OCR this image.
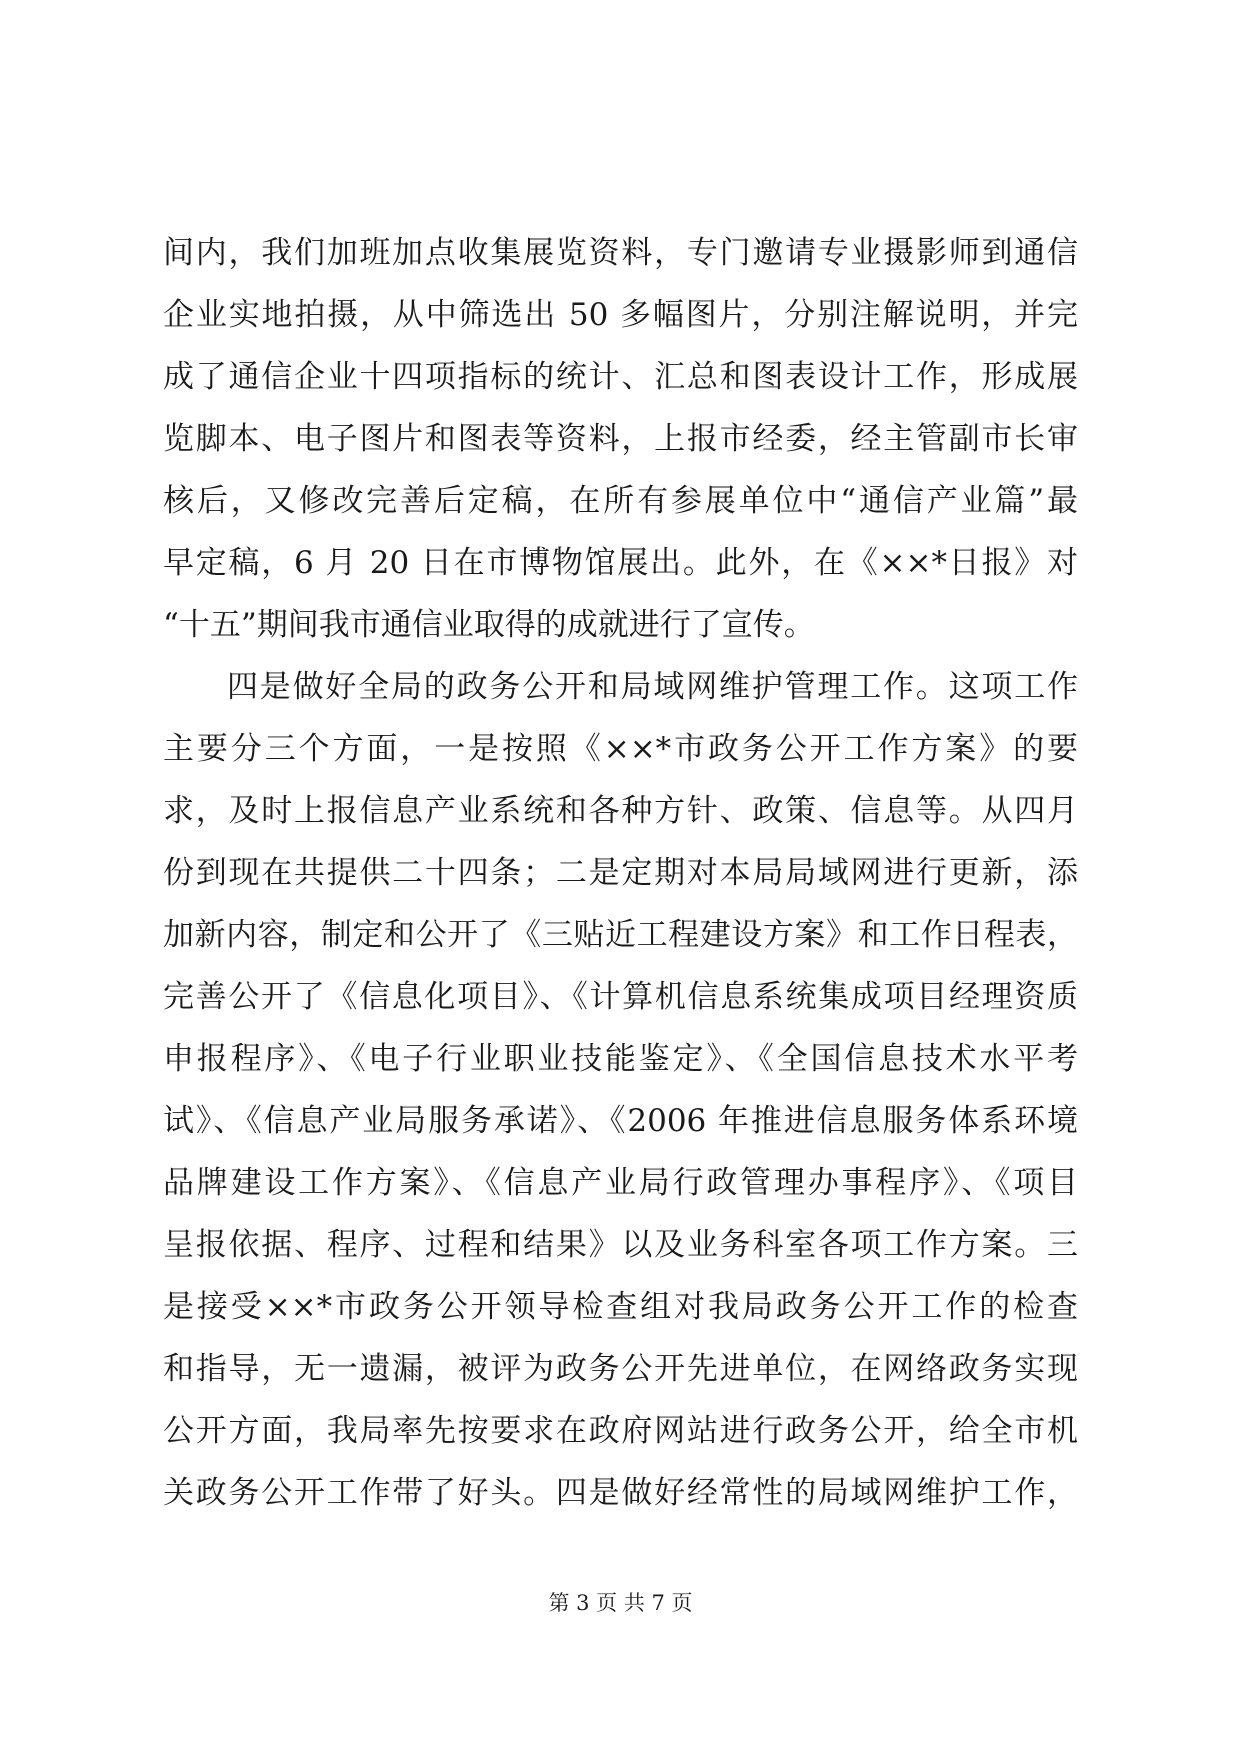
间内，我们加班加点收集展览资料，专门邀请专业摄影师到通信
企业实地拍摄，从中筛选出 50 多幅图片，分别注解说明，并完
成了通信企业十四项指标的统计、汇总和图表设计工作，形成展
览脚本、电子图片和图表等资料，上报市经委，经主管副市长审
核后，又修改完善后定稿，在所有参展单位中“通信产业篇”最
早定稿，6 月 20 日在市博物馆展出。此外，在《××*日报》对
“十五”期间我市通信业取得的成就进行了宣传。
四是做好全局的政务公开和局域网维护管理工作。这项工作
主要分三个方面，一是按照《××*市政务公开工作方案》的要
求，及时上报信息产业系统和各种方针、政策、信息等。从四月
份到现在共提供二十四条；二是定期对本局局域网进行更新，添
加新内容，制定和公开了《三贴近工程建设方案》和工作日程表，
完善公开了《信息化项目》、《计算机信息系统集成项目经理资质
申报程序》、《电子行业职业技能鉴定》、《全国信息技术水平考
试》、《信息产业局服务承诺》、《2006 年推进信息服务体系环境
品牌建设工作方案》、《信息产业局行政管理办事程序》、《项目
呈报依据、程序、过程和结果》以及业务科室各项工作方案。三
是接受××*市政务公开领导检查组对我局政务公开工作的检查
和指导，无一遗漏，被评为政务公开先进单位，在网络政务实现
公开方面，我局率先按要求在政府网站进行政务公开，给全市机
关政务公开工作带了好头。四是做好经常性的局域网维护工作，
第 3 页 共 7 页
